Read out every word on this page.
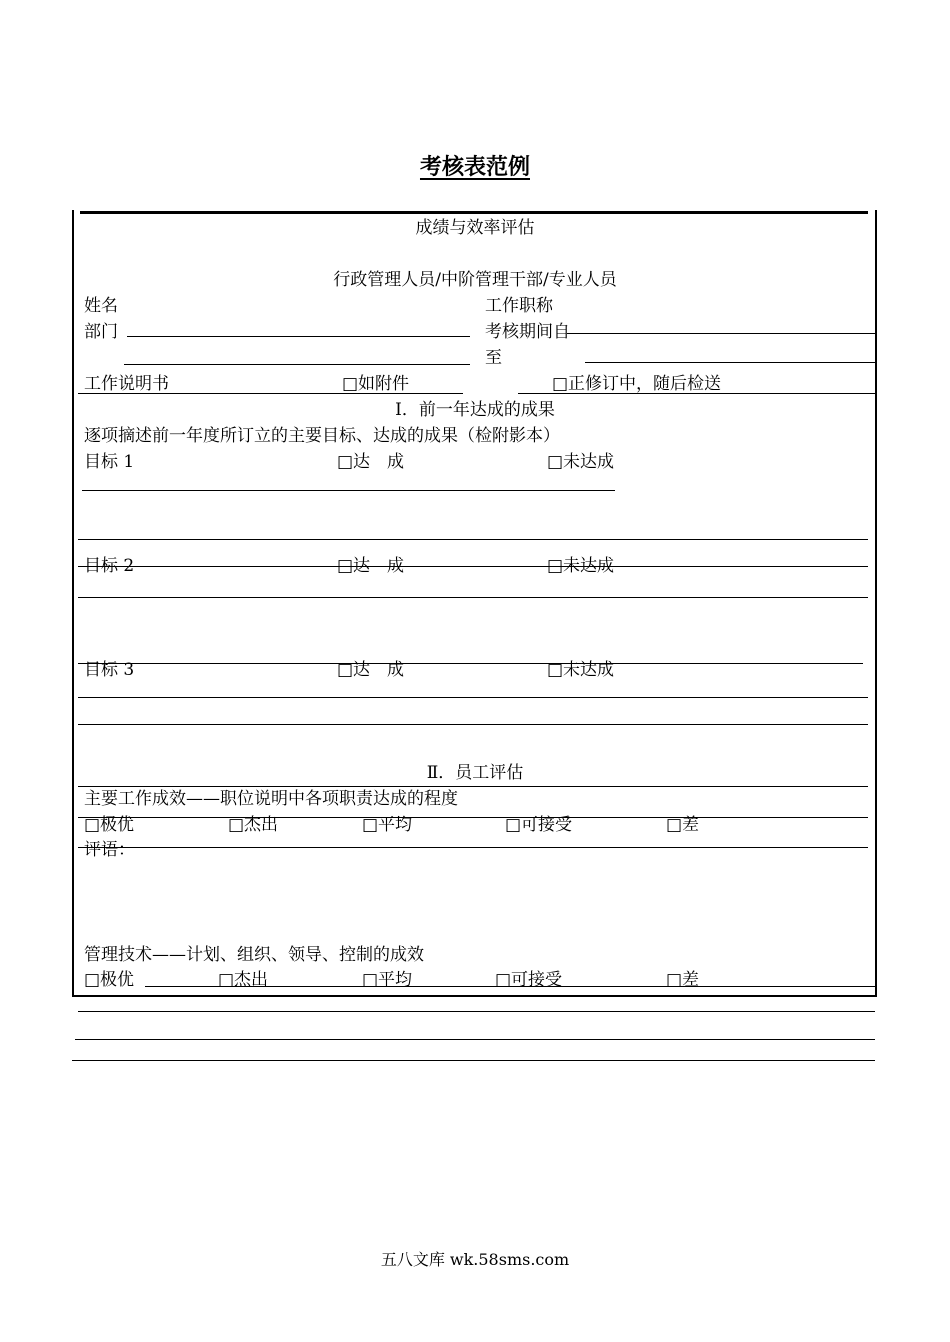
考核表范例
成绩与效率评估
行政管理人员/中阶管理干部/专业人员
姓名	工作职称
部门	考核期间自
至
工作说明书	□如附件	□正修订中，随后检送
Ⅰ．前一年达成的成果
逐项摘述前一年度所订立的主要目标、达成的成果（检附影本）
目标 1	□达　成	□未达成
目标 2	□达　成	□未达成
目标 3	□达　成	□未达成
Ⅱ．员工评估
主要工作成效——职位说明中各项职责达成的程度
□极优	□杰出	□平均	□可接受	□差
评语：
管理技术——计划、组织、领导、控制的成效
□极优	□杰出	□平均	□可接受	□差
五八文库 wk.58sms.com
